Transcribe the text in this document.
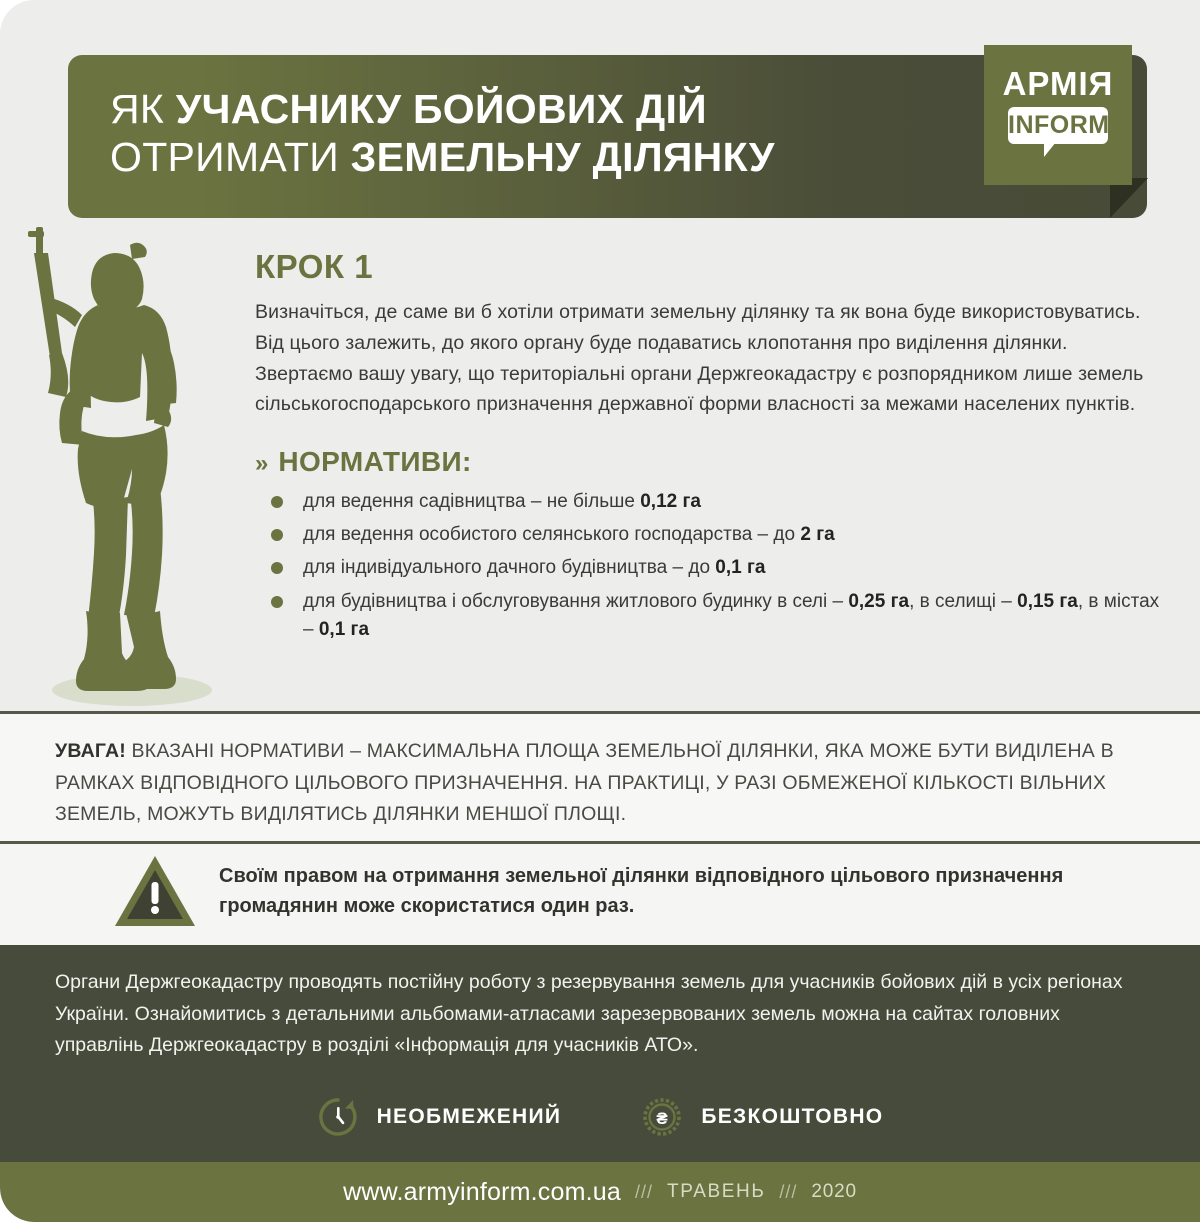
ЯК УЧАСНИКУ БОЙОВИХ ДІЙ
ОТРИМАТИ ЗЕМЕЛЬНУ ДІЛЯНКУ
АРМІЯ
INFORM
КРОК 1

Визначіться, де саме ви б хотіли отримати земельну ділянку та як вона буде використовуватись. Від цього залежить, до якого органу буде подаватись клопотання про виділення ділянки. Звертаємо вашу увагу, що територіальні органи Держгеокадастру є розпорядником лише земель сільськогосподарського призначення державної форми власності за межами населених пунктів.

» НОРМАТИВИ:
для ведення садівництва – не більше 0,12 га
для ведення особистого селянського господарства – до 2 га
для індивідуального дачного будівництва – до 0,1 га
для будівництва і обслуговування житлового будинку в селі – 0,25 га, в селищі – 0,15 га, в містах – 0,1 га
УВАГА! ВКАЗАНІ НОРМАТИВИ – МАКСИМАЛЬНА ПЛОЩА ЗЕМЕЛЬНОЇ ДІЛЯНКИ, ЯКА МОЖЕ БУТИ ВИДІЛЕНА В РАМКАХ ВІДПОВІДНОГО ЦІЛЬОВОГО ПРИЗНАЧЕННЯ. НА ПРАКТИЦІ, У РАЗІ ОБМЕЖЕНОЇ КІЛЬКОСТІ ВІЛЬНИХ ЗЕМЕЛЬ, МОЖУТЬ ВИДІЛЯТИСЬ ДІЛЯНКИ МЕНШОЇ ПЛОЩІ.
Своїм правом на отримання земельної ділянки відповідного цільового призначення громадянин може скористатися один раз.
Органи Держгеокадастру проводять постійну роботу з резервування земель для учасників бойових дій в усіх регіонах України. Ознайомитись з детальними альбомами-атласами зарезервованих земель можна на сайтах головних управлінь Держгеокадастру в розділі «Інформація для учасників АТО».
НЕОБМЕЖЕНИЙ	₴ БЕЗКОШТОВНО
www.armyinform.com.ua /// ТРАВЕНЬ /// 2020
